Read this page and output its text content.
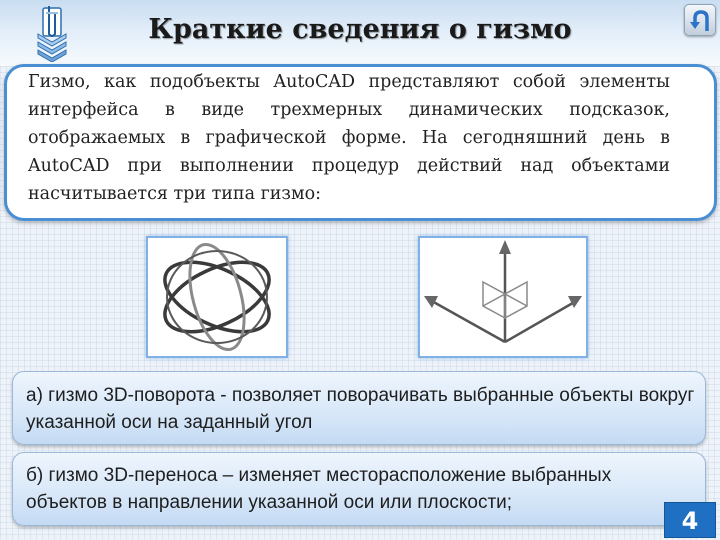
Краткие сведения о гизмо
Гизмо, как подобъекты AutoCAD представляют собой элементы интерфейса в виде трехмерных динамических подсказок, отображаемых в графической форме. На сегодняшний день в AutoCAD при выполнении процедур действий над объектами насчитывается три типа гизмо:
а) гизмо 3D-поворота - позволяет поворачивать выбранные объекты вокруг указанной оси на заданный угол
б) гизмо 3D-переноса – изменяет месторасположение выбранных объектов в направлении указанной оси или плоскости;
4
